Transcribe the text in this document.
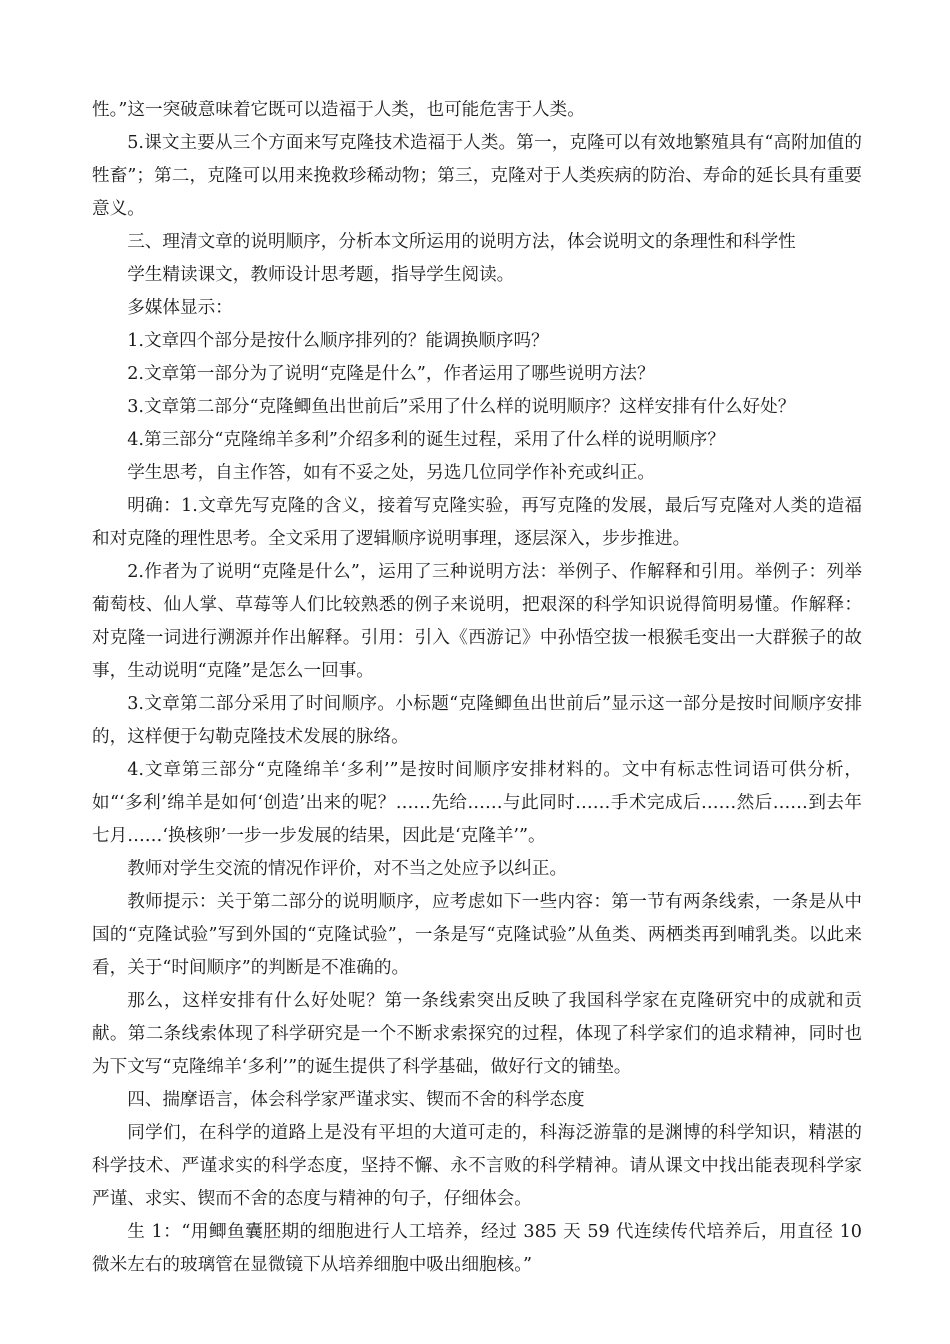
性。”这一突破意味着它既可以造福于人类，也可能危害于人类。

5.课文主要从三个方面来写克隆技术造福于人类。第一，克隆可以有效地繁殖具有“高附加值的牲畜”；第二，克隆可以用来挽救珍稀动物；第三，克隆对于人类疾病的防治、寿命的延长具有重要意义。

三、理清文章的说明顺序，分析本文所运用的说明方法，体会说明文的条理性和科学性

学生精读课文，教师设计思考题，指导学生阅读。

多媒体显示：

1.文章四个部分是按什么顺序排列的？能调换顺序吗？

2.文章第一部分为了说明“克隆是什么”，作者运用了哪些说明方法？

3.文章第二部分“克隆鲫鱼出世前后”采用了什么样的说明顺序？这样安排有什么好处？

4.第三部分“克隆绵羊多利”介绍多利的诞生过程，采用了什么样的说明顺序？

学生思考，自主作答，如有不妥之处，另选几位同学作补充或纠正。

明确：1.文章先写克隆的含义，接着写克隆实验，再写克隆的发展，最后写克隆对人类的造福和对克隆的理性思考。全文采用了逻辑顺序说明事理，逐层深入，步步推进。

2.作者为了说明“克隆是什么”，运用了三种说明方法：举例子、作解释和引用。举例子：列举葡萄枝、仙人掌、草莓等人们比较熟悉的例子来说明，把艰深的科学知识说得简明易懂。作解释：对克隆一词进行溯源并作出解释。引用：引入《西游记》中孙悟空拔一根猴毛变出一大群猴子的故事，生动说明“克隆”是怎么一回事。

3.文章第二部分采用了时间顺序。小标题“克隆鲫鱼出世前后”显示这一部分是按时间顺序安排的，这样便于勾勒克隆技术发展的脉络。

4.文章第三部分“克隆绵羊‘多利’”是按时间顺序安排材料的。文中有标志性词语可供分析，如“‘多利’绵羊是如何‘创造’出来的呢？……先给……与此同时……手术完成后……然后……到去年七月……‘换核卵’一步一步发展的结果，因此是‘克隆羊’”。

教师对学生交流的情况作评价，对不当之处应予以纠正。

教师提示：关于第二部分的说明顺序，应考虑如下一些内容：第一节有两条线索，一条是从中国的“克隆试验”写到外国的“克隆试验”，一条是写“克隆试验”从鱼类、两栖类再到哺乳类。以此来看，关于“时间顺序”的判断是不准确的。

那么，这样安排有什么好处呢？第一条线索突出反映了我国科学家在克隆研究中的成就和贡献。第二条线索体现了科学研究是一个不断求索探究的过程，体现了科学家们的追求精神，同时也为下文写“克隆绵羊‘多利’”的诞生提供了科学基础，做好行文的铺垫。

四、揣摩语言，体会科学家严谨求实、锲而不舍的科学态度

同学们，在科学的道路上是没有平坦的大道可走的，科海泛游靠的是渊博的科学知识，精湛的科学技术、严谨求实的科学态度，坚持不懈、永不言败的科学精神。请从课文中找出能表现科学家严谨、求实、锲而不舍的态度与精神的句子，仔细体会。

生 1：“用鲫鱼囊胚期的细胞进行人工培养，经过 385 天 59 代连续传代培养后，用直径 10 微米左右的玻璃管在显微镜下从培养细胞中吸出细胞核。”
